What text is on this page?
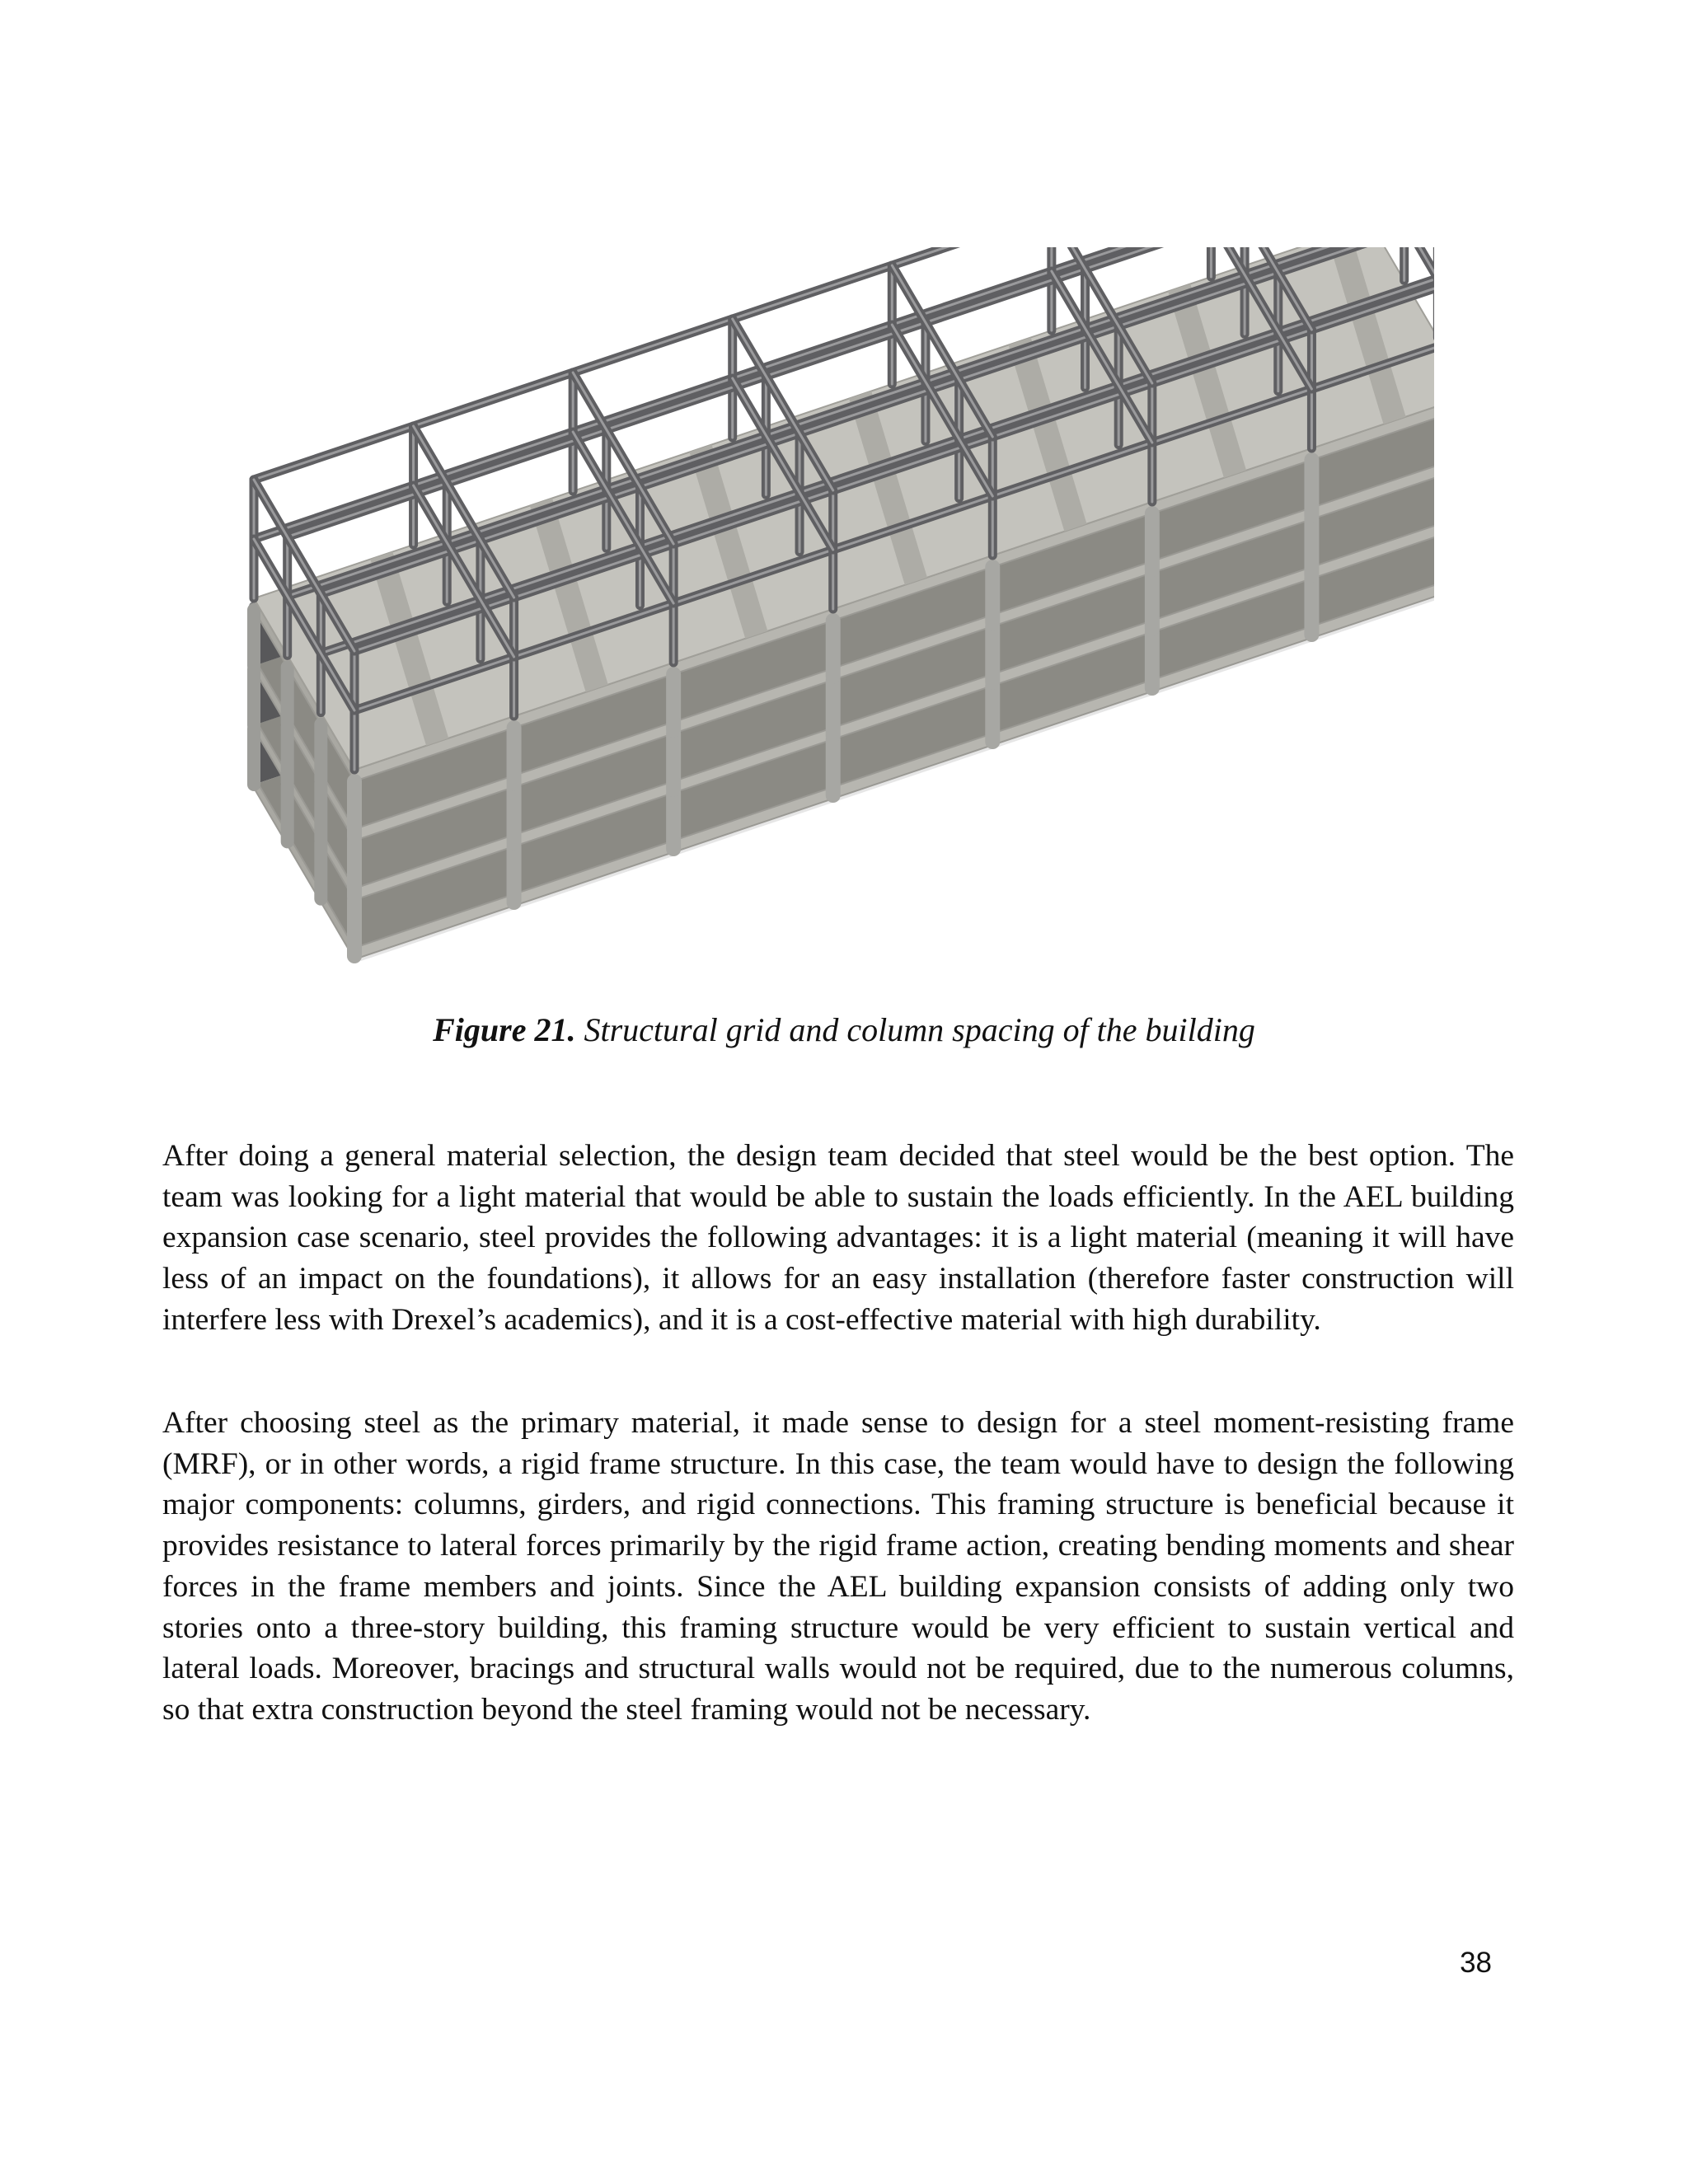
Figure 21. Structural grid and column spacing of the building

After doing a general material selection, the design team decided that steel would be the best option. The team was looking for a light material that would be able to sustain the loads efficiently. In the AEL building expansion case scenario, steel provides the following advantages: it is a light material (meaning it will have less of an impact on the foundations), it allows for an easy installation (therefore faster construction will interfere less with Drexel’s academics), and it is a cost-effective material with high durability.

After choosing steel as the primary material, it made sense to design for a steel moment-resisting frame (MRF), or in other words, a rigid frame structure. In this case, the team would have to design the following major components: columns, girders, and rigid connections. This framing structure is beneficial because it provides resistance to lateral forces primarily by the rigid frame action, creating bending moments and shear forces in the frame members and joints. Since the AEL building expansion consists of adding only two stories onto a three-story building, this framing structure would be very efficient to sustain vertical and lateral loads. Moreover, bracings and structural walls would not be required, due to the numerous columns, so that extra construction beyond the steel framing would not be necessary.

38
